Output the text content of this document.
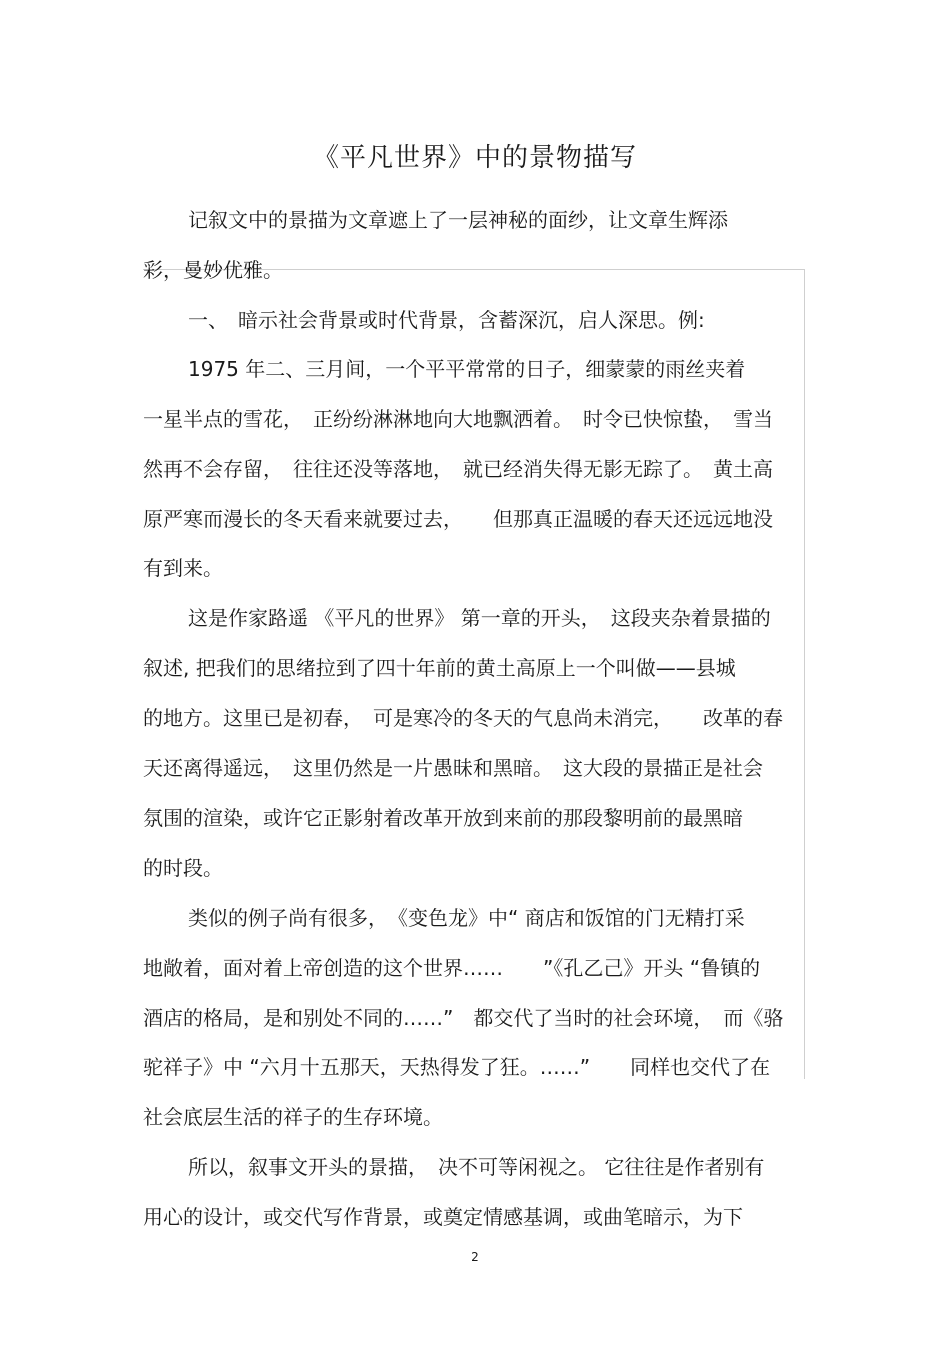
《平凡世界》中的景物描写
记叙文中的景描为文章遮上了一层神秘的面纱，让文章生辉添
彩，曼妙优雅。
一、　暗示社会背景或时代背景，含蓄深沉，启人深思。例:
1975 年二、三月间，一个平平常常的日子，细蒙蒙的雨丝夹着
一星半点的雪花，　正纷纷淋淋地向大地飘洒着。　时令已快惊蛰，　雪当
然再不会存留，　往往还没等落地，　就已经消失得无影无踪了。　黄土高
原严寒而漫长的冬天看来就要过去，　　但那真正温暖的春天还远远地没
有到来。
这是作家路遥 《平凡的世界》 第一章的开头，　这段夹杂着景描的
叙述, 把我们的思绪拉到了四十年前的黄土高原上一个叫做——县城
的地方。这里已是初春，　可是寒冷的冬天的气息尚未消完，　　改革的春
天还离得遥远，　这里仍然是一片愚昧和黑暗。　这大段的景描正是社会
氛围的渲染，或许它正影射着改革开放到来前的那段黎明前的最黑暗
的时段。
类似的例子尚有很多，　《变色龙》中“ 商店和饭馆的门无精打采
地敞着，面对着上帝创造的这个世界……　　”《孔乙己》开头 “鲁镇的
酒店的格局，是和别处不同的……”　都交代了当时的社会环境，　而《骆
驼祥子》中 “六月十五那天，天热得发了狂。……”　　同样也交代了在
社会底层生活的祥子的生存环境。
所以，叙事文开头的景描，　决不可等闲视之。 它往往是作者别有
用心的设计，或交代写作背景，或奠定情感基调，或曲笔暗示，为下
2
